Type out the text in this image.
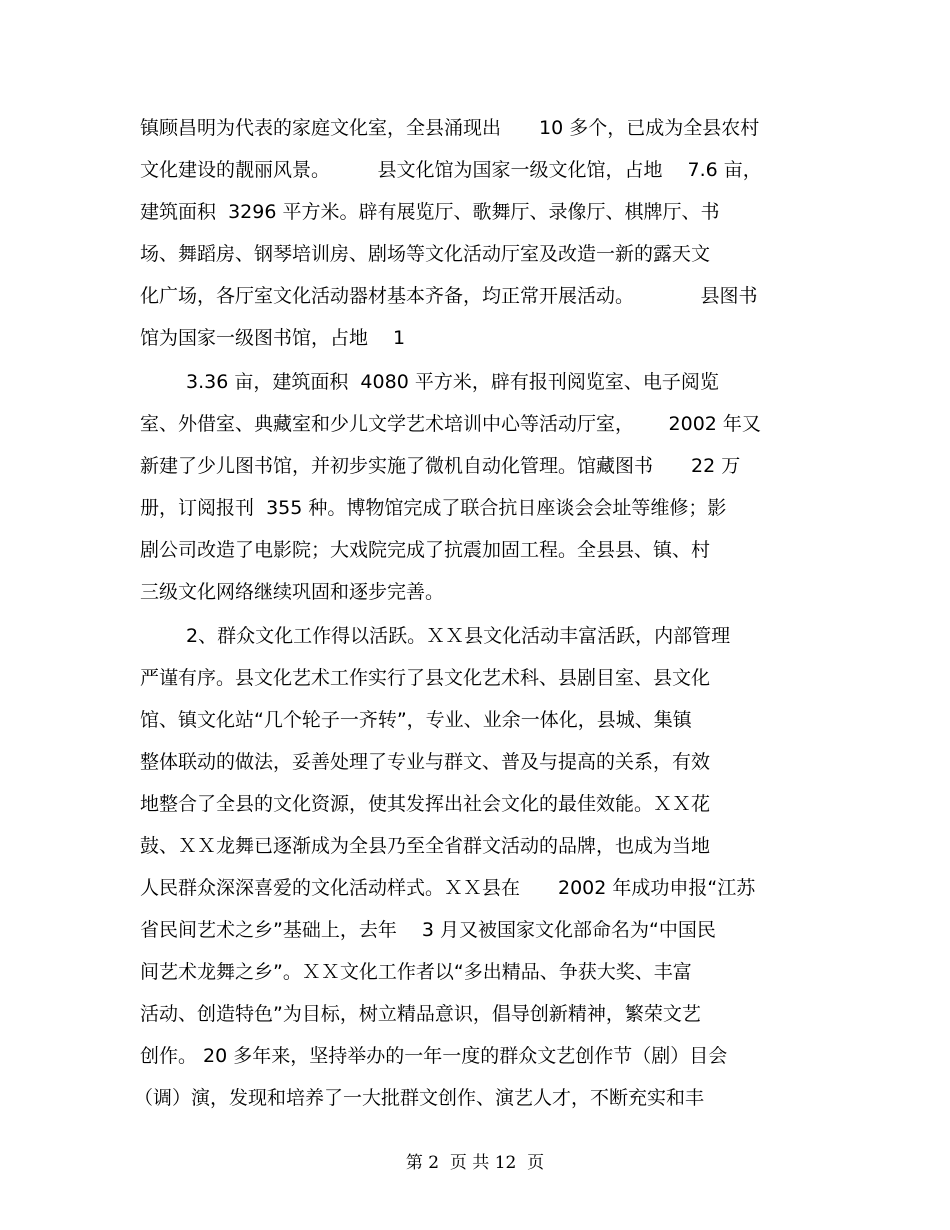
镇顾昌明为代表的家庭文化室，全县涌现出　　10 多个，已成为全县农村
文化建设的靓丽风景。　　　县文化馆为国家一级文化馆，占地　 7.6 亩，
建筑面积  3296 平方米。辟有展览厅、歌舞厅、录像厅、棋牌厅、书
场、舞蹈房、钢琴培训房、剧场等文化活动厅室及改造一新的露天文
化广场，各厅室文化活动器材基本齐备，均正常开展活动。　　　　县图书
馆为国家一级图书馆，占地　 1
3.36 亩，建筑面积  4080 平方米，辟有报刊阅览室、电子阅览
室、外借室、典藏室和少儿文学艺术培训中心等活动厅室，　　 2002 年又
新建了少儿图书馆，并初步实施了微机自动化管理。馆藏图书　　22 万
册，订阅报刊  355 种。博物馆完成了联合抗日座谈会会址等维修；影
剧公司改造了电影院；大戏院完成了抗震加固工程。全县县、镇、村
三级文化网络继续巩固和逐步完善。
2、群众文化工作得以活跃。ＸＸ县文化活动丰富活跃，内部管理
严谨有序。县文化艺术工作实行了县文化艺术科、县剧目室、县文化
馆、镇文化站“几个轮子一齐转”，专业、业余一体化，县城、集镇
整体联动的做法，妥善处理了专业与群文、普及与提高的关系，有效
地整合了全县的文化资源，使其发挥出社会文化的最佳效能。ＸＸ花
鼓、ＸＸ龙舞已逐渐成为全县乃至全省群文活动的品牌，也成为当地
人民群众深深喜爱的文化活动样式。ＸＸ县在　　2002 年成功申报“江苏
省民间艺术之乡”基础上，去年　 3 月又被国家文化部命名为“中国民
间艺术龙舞之乡”。ＸＸ文化工作者以“多出精品、争获大奖、丰富
活动、创造特色”为目标，树立精品意识，倡导创新精神，繁荣文艺
创作。 20 多年来，坚持举办的一年一度的群众文艺创作节（剧）目会
（调）演，发现和培养了一大批群文创作、演艺人才，不断充实和丰
第 2  页 共 12  页
